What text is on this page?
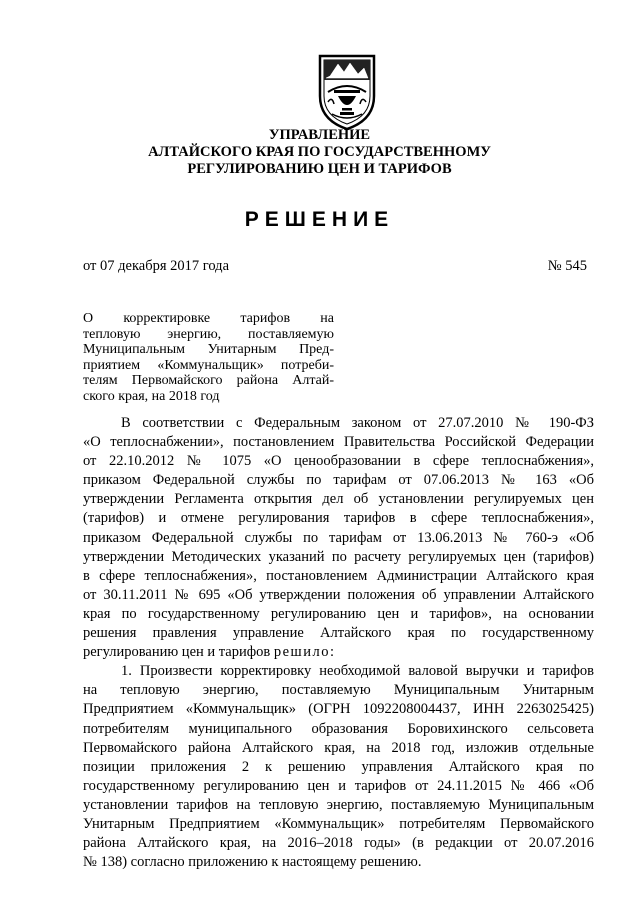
УПРАВЛЕНИЕ
АЛТАЙСКОГО КРАЯ ПО ГОСУДАРСТВЕННОМУ
РЕГУЛИРОВАНИЮ ЦЕН И ТАРИФОВ
РЕШЕНИЕ
от 07 декабря 2017 года	№ 545
О корректировке тарифов на
тепловую энергию, поставляемую
Муниципальным Унитарным Пред-
приятием «Коммунальщик» потреби-
телям Первомайского района Алтай-
ского края, на 2018 год
В соответствии с Федеральным законом от 27.07.2010 № 190-ФЗ
«О теплоснабжении», постановлением Правительства Российской Федерации
от 22.10.2012 № 1075 «О ценообразовании в сфере теплоснабжения»,
приказом Федеральной службы по тарифам от 07.06.2013 № 163 «Об
утверждении Регламента открытия дел об установлении регулируемых цен
(тарифов) и отмене регулирования тарифов в сфере теплоснабжения»,
приказом Федеральной службы по тарифам от 13.06.2013 № 760-э «Об
утверждении Методических указаний по расчету регулируемых цен (тарифов)
в сфере теплоснабжения», постановлением Администрации Алтайского края
от 30.11.2011 № 695 «Об утверждении положения об управлении Алтайского
края по государственному регулированию цен и тарифов», на основании
решения правления управление Алтайского края по государственному
регулированию цен и тарифов решило:
1. Произвести корректировку необходимой валовой выручки и тарифов
на тепловую энергию, поставляемую Муниципальным Унитарным
Предприятием «Коммунальщик» (ОГРН 1092208004437, ИНН 2263025425)
потребителям муниципального образования Боровихинского сельсовета
Первомайского района Алтайского края, на 2018 год, изложив отдельные
позиции приложения 2 к решению управления Алтайского края по
государственному регулированию цен и тарифов от 24.11.2015 № 466 «Об
установлении тарифов на тепловую энергию, поставляемую Муниципальным
Унитарным Предприятием «Коммунальщик» потребителям Первомайского
района Алтайского края, на 2016–2018 годы» (в редакции от 20.07.2016
№ 138) согласно приложению к настоящему решению.
